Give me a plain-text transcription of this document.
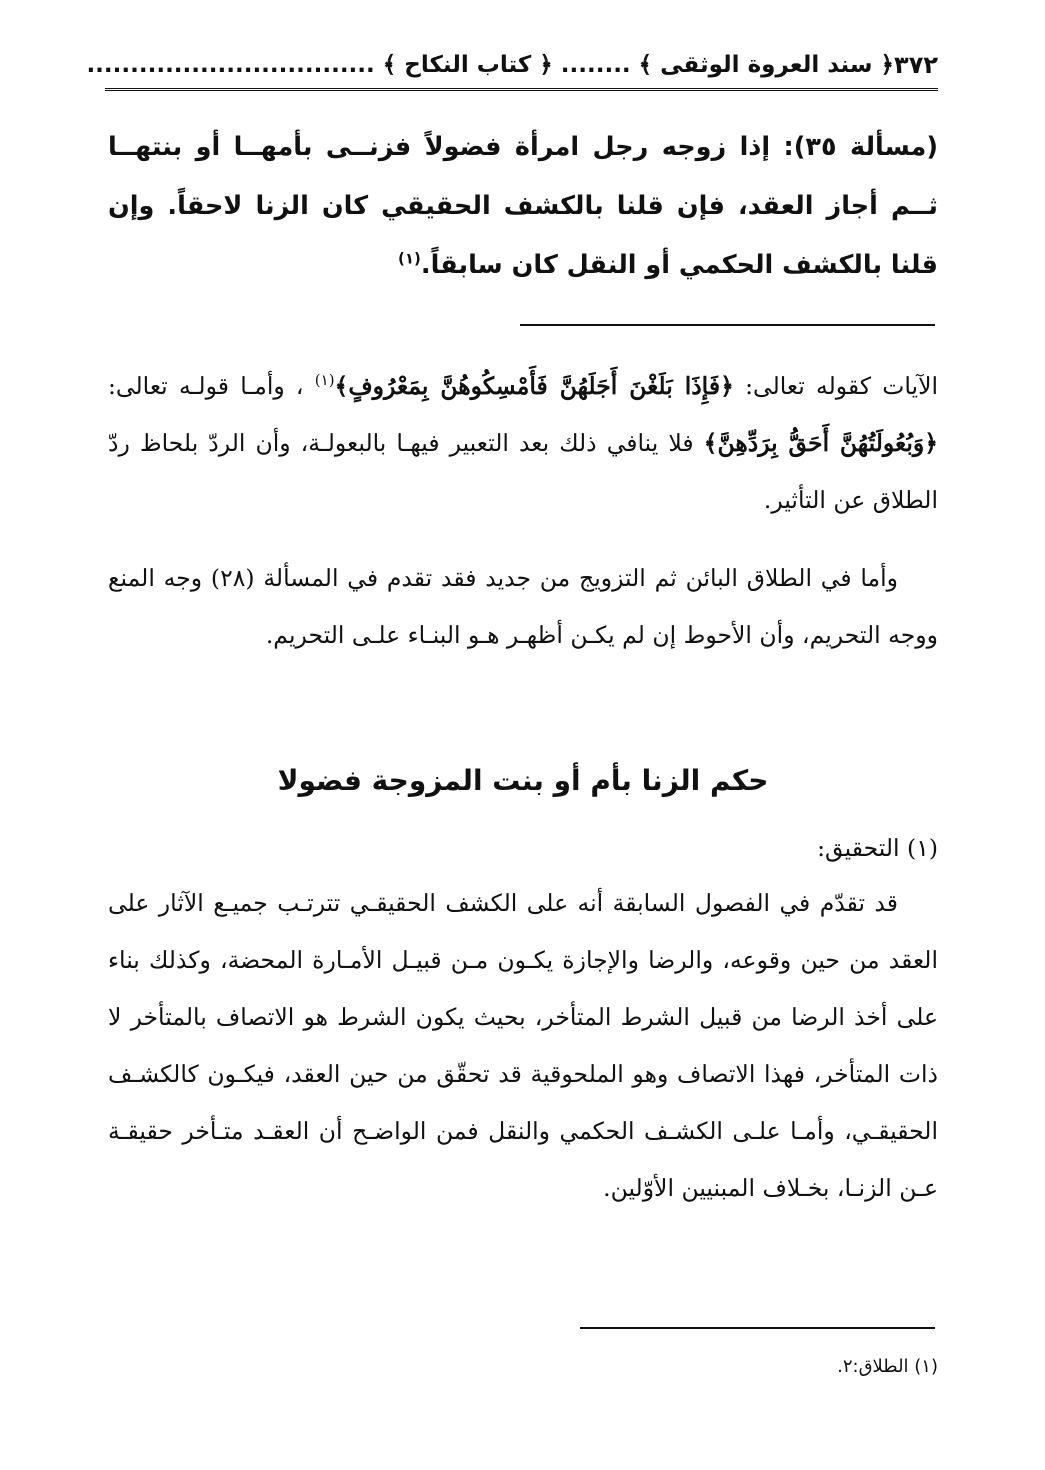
٣٧٢
﴿ سند العروة الوثقى ﴾ ........ ﴿ كتاب النكاح ﴾ .................................
(مسألة ٣٥): إذا زوجه رجل امرأة فضولاً فزنــى بأمهــا أو بنتهــا ثــم أجاز العقد، فإن قلنا بالكشف الحقيقي كان الزنا لاحقاً. وإن قلنا بالكشف الحكمي أو النقل كان سابقاً.$^{(١)}$

الآيات كقوله تعالى: ﴿فَإِذَا بَلَغْنَ أَجَلَهُنَّ فَأَمْسِكُوهُنَّ بِمَعْرُوفٍ﴾$^{(١)}$ ، وأمـا قولـه تعالى: ﴿وَبُعُولَتُهُنَّ أَحَقُّ بِرَدِّهِنَّ﴾ فلا ينافي ذلك بعد التعبير فيهـا بالبعولـة، وأن الردّ بلحاظ ردّ الطلاق عن التأثير.

وأما في الطلاق البائن ثم التزويج من جديد فقد تقدم في المسألة (٢٨) وجه المنع ووجه التحريم، وأن الأحوط إن لم يكـن أظهـر هـو البنـاء علـى التحريم.

حكم الزنا بأم أو بنت المزوجة فضولا
(١) التحقيق:

قد تقدّم في الفصول السابقة أنه على الكشف الحقيقـي تترتـب جميـع الآثار على العقد من حين وقوعه، والرضا والإجازة يكـون مـن قبيـل الأمـارة المحضة، وكذلك بناء على أخذ الرضا من قبيل الشرط المتأخر، بحيث يكون الشرط هو الاتصاف بالمتأخر لا ذات المتأخر، فهذا الاتصاف وهو الملحوقية قد تحقّق من حين العقد، فيكـون كالكشـف الحقيقـي، وأمـا علـى الكشـف الحكمي والنقل فمن الواضـح أن العقـد متـأخر حقيقـة عـن الزنـا، بخـلاف المبنيين الأوّلين.

(١) الطلاق:٢.
